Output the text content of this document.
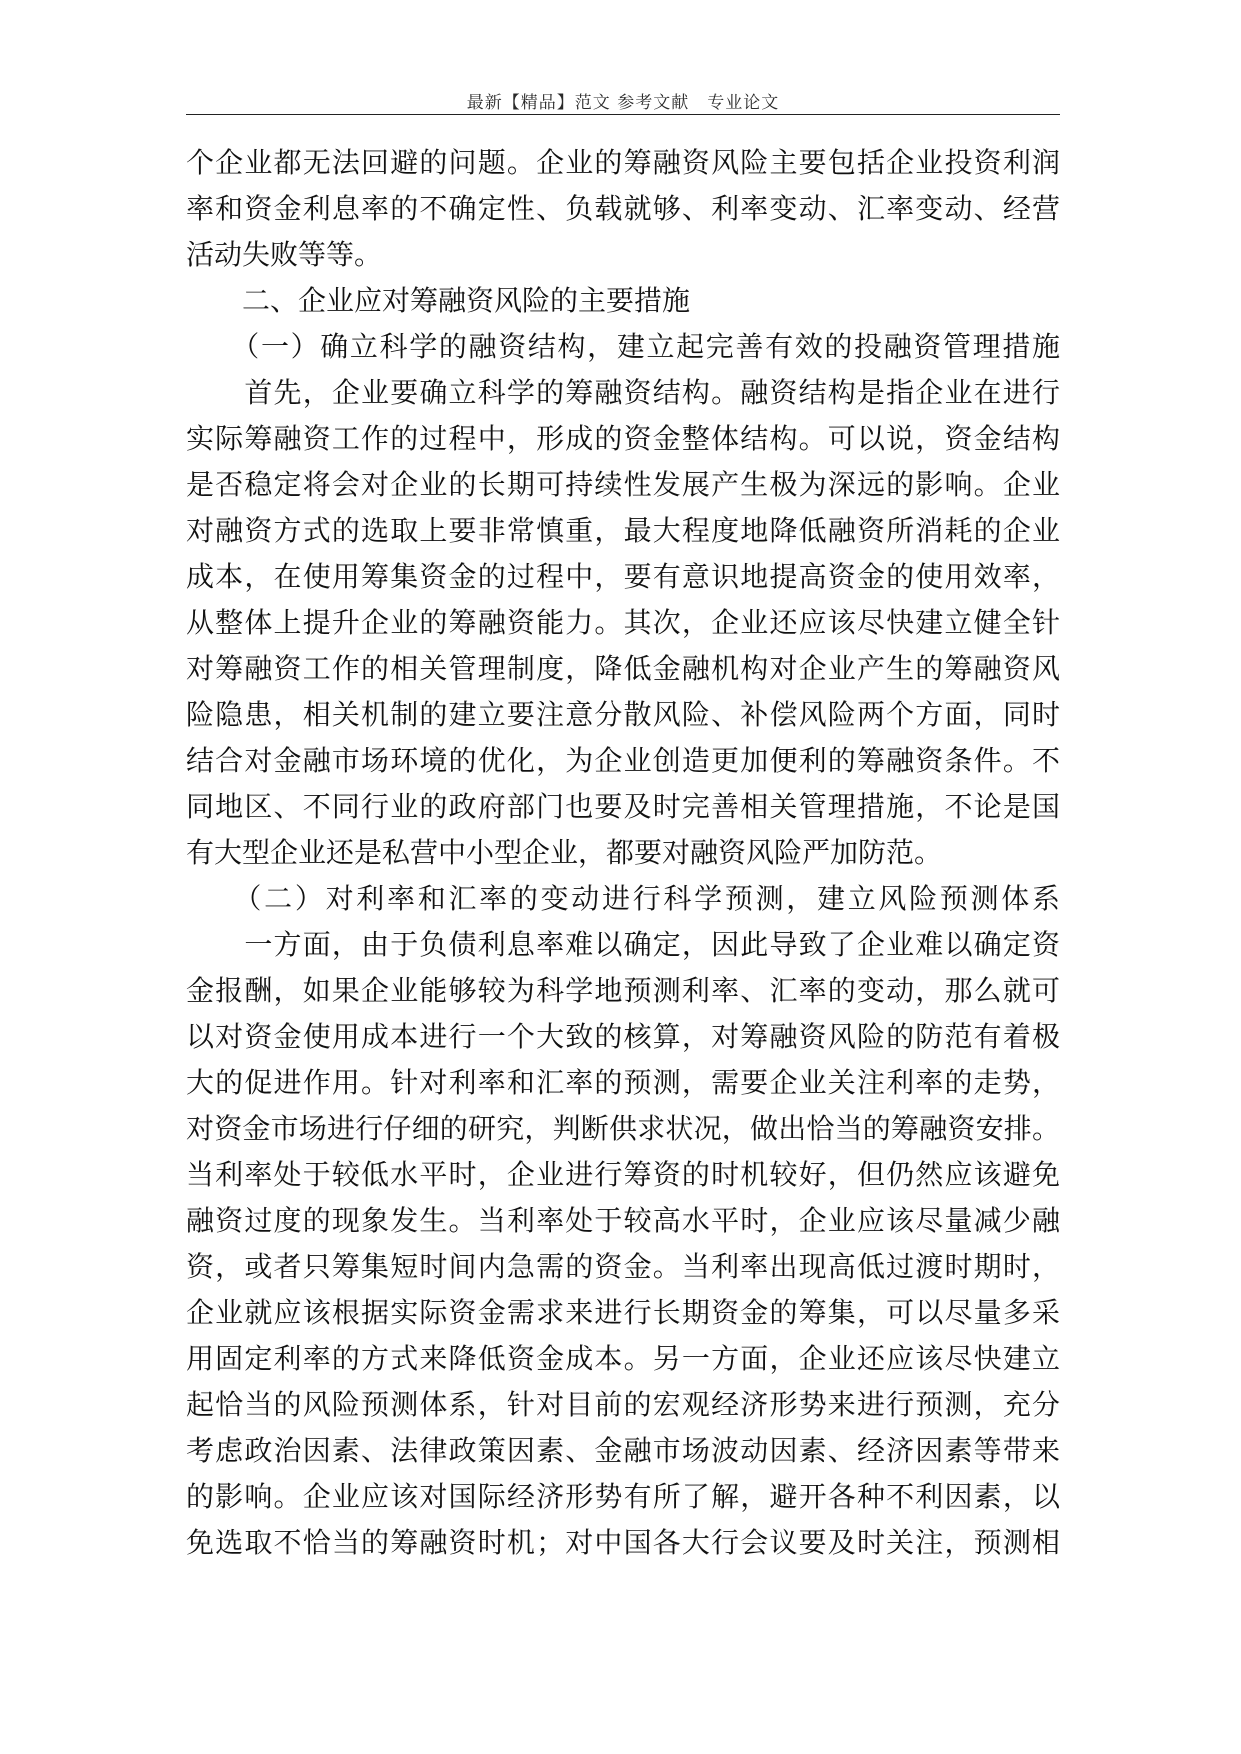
最新【精品】范文 参考文献　专业论文
个企业都无法回避的问题。企业的筹融资风险主要包括企业投资利润
率和资金利息率的不确定性、负载就够、利率变动、汇率变动、经营
活动失败等等。
　　二、企业应对筹融资风险的主要措施
　　（一）确立科学的融资结构，建立起完善有效的投融资管理措施
　　首先，企业要确立科学的筹融资结构。融资结构是指企业在进行
实际筹融资工作的过程中，形成的资金整体结构。可以说，资金结构
是否稳定将会对企业的长期可持续性发展产生极为深远的影响。企业
对融资方式的选取上要非常慎重，最大程度地降低融资所消耗的企业
成本，在使用筹集资金的过程中，要有意识地提高资金的使用效率，
从整体上提升企业的筹融资能力。其次，企业还应该尽快建立健全针
对筹融资工作的相关管理制度，降低金融机构对企业产生的筹融资风
险隐患，相关机制的建立要注意分散风险、补偿风险两个方面，同时
结合对金融市场环境的优化，为企业创造更加便利的筹融资条件。不
同地区、不同行业的政府部门也要及时完善相关管理措施，不论是国
有大型企业还是私营中小型企业，都要对融资风险严加防范。
　　（二）对利率和汇率的变动进行科学预测，建立风险预测体系
　　一方面，由于负债利息率难以确定，因此导致了企业难以确定资
金报酬，如果企业能够较为科学地预测利率、汇率的变动，那么就可
以对资金使用成本进行一个大致的核算，对筹融资风险的防范有着极
大的促进作用。针对利率和汇率的预测，需要企业关注利率的走势，
对资金市场进行仔细的研究，判断供求状况，做出恰当的筹融资安排。
当利率处于较低水平时，企业进行筹资的时机较好，但仍然应该避免
融资过度的现象发生。当利率处于较高水平时，企业应该尽量减少融
资，或者只筹集短时间内急需的资金。当利率出现高低过渡时期时，
企业就应该根据实际资金需求来进行长期资金的筹集，可以尽量多采
用固定利率的方式来降低资金成本。另一方面，企业还应该尽快建立
起恰当的风险预测体系，针对目前的宏观经济形势来进行预测，充分
考虑政治因素、法律政策因素、金融市场波动因素、经济因素等带来
的影响。企业应该对国际经济形势有所了解，避开各种不利因素，以
免选取不恰当的筹融资时机；对中国各大行会议要及时关注，预测相
